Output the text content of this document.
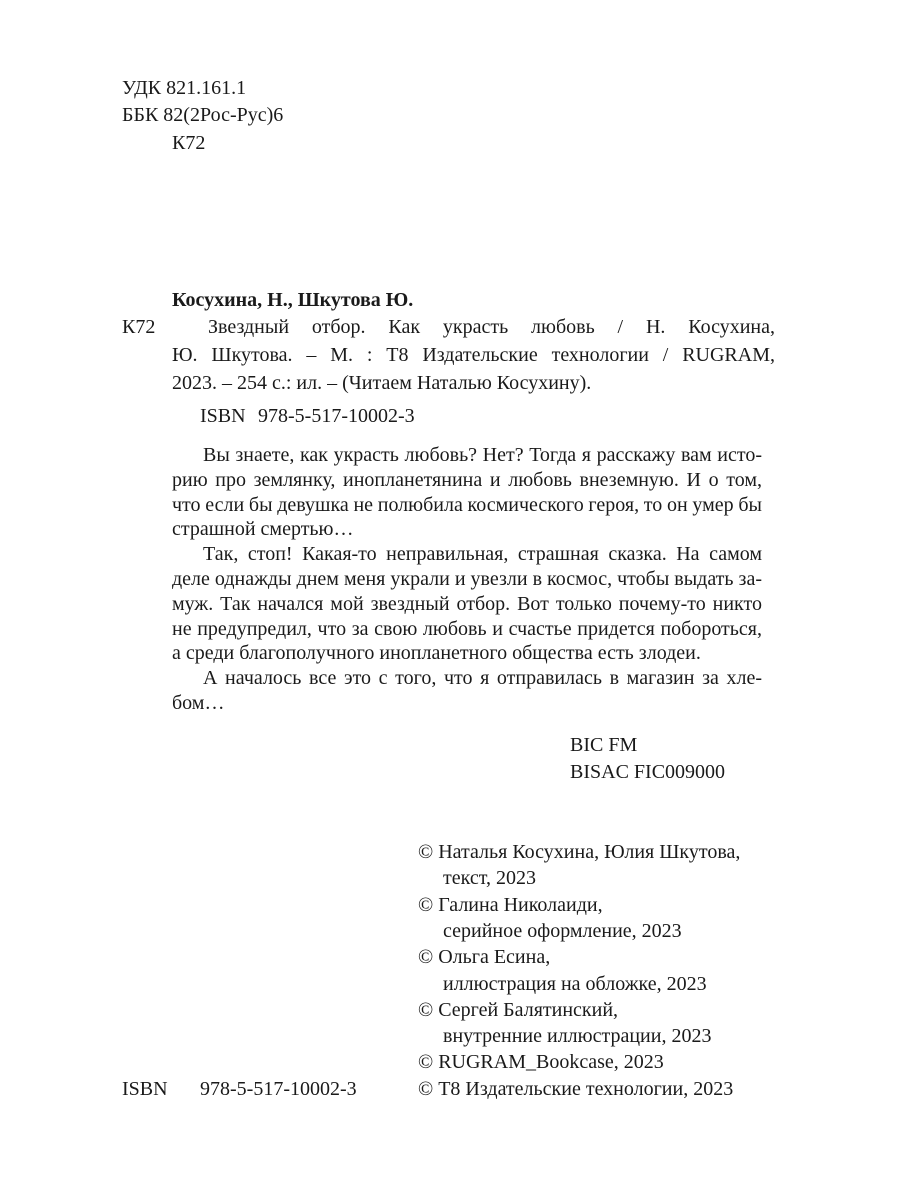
УДК 821.161.1
ББК 82(2Рос-Рус)6
К72
Косухина, Н., Шкутова Ю.
К72	Звездный отбор. Как украсть любовь / Н. Косухина,
Ю. Шкутова. – М. : Т8 Издательские технологии / RUGRAM,
2023. – 254 с.: ил. – (Читаем Наталью Косухину).
ISBN 978-5-517-10002-3
Вы знаете, как украсть любовь? Нет? Тогда я расскажу вам исто-
рию про землянку, инопланетянина и любовь внеземную. И о том,
что если бы девушка не полюбила космического героя, то он умер бы
страшной смертью…
Так, стоп! Какая-то неправильная, страшная сказка. На самом
деле однажды днем меня украли и увезли в космос, чтобы выдать за-
муж. Так начался мой звездный отбор. Вот только почему-то никто
не предупредил, что за свою любовь и счастье придется побороться,
а среди благополучного инопланетного общества есть злодеи.
А началось все это с того, что я отправилась в магазин за хле-
бом…
BIC FM
BISAC FIC009000
© Наталья Косухина, Юлия Шкутова,
текст, 2023
© Галина Николаиди,
серийное оформление, 2023
© Ольга Есина,
иллюстрация на обложке, 2023
© Сергей Балятинский,
внутренние иллюстрации, 2023
© RUGRAM_Bookcase, 2023
© Т8 Издательские технологии, 2023
ISBN 978-5-517-10002-3
